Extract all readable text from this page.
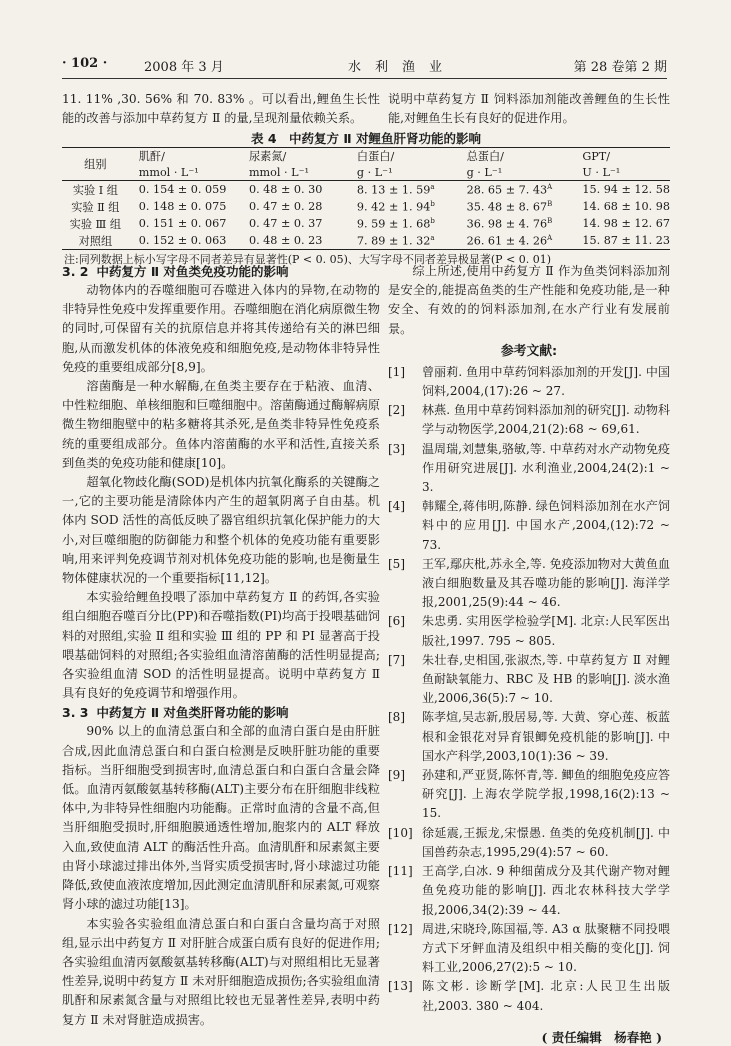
· 102 ·	2008 年 3 月	水利渔业	第 28 卷第 2 期

11. 11% ,30. 56% 和 70. 83% 。可以看出,鲤鱼生长性能的改善与添加中草药复方 Ⅱ 的量,呈现剂量依赖关系。

说明中草药复方 Ⅱ 饲料添加剂能改善鲤鱼的生长性能,对鲤鱼生长有良好的促进作用。

表 4　中药复方 Ⅱ 对鲤鱼肝肾功能的影响
组别	肌酐/	尿素氮/	白蛋白/	总蛋白/	GPT/
	mmol · L⁻¹	mmol · L⁻¹	g · L⁻¹	g · L⁻¹	U · L⁻¹
实验 Ⅰ 组	0. 154 ± 0. 059	0. 48 ± 0. 30	8. 13 ± 1. 59$^a$	28. 65 ± 7. $43^A$	15. 94 ± 12. 58
实验 Ⅱ 组	0. 148 ± 0. 075	0. 47 ± 0. 28	9. 42 ± 1. 94$^b$	35. 48 ± 8. $67^B$	14. 68 ± 10. 98
实验 Ⅲ 组	0. 151 ± 0. 067	0. 47 ± 0. 37	9. 59 ± 1. 68$^b$	36. 98 ± 4. $76^B$	14. 98 ± 12. 67
对照组	0. 152 ± 0. 063	0. 48 ± 0. 23	7. 89 ± 1. 32$^a$	26. 61 ± 4. $26^A$	15. 87 ± 11. 23
注:同列数据上标小写字母不同者差异有显著性(P < 0. 05)、大写字母不同者差异极显著(P < 0. 01)

3. 2 中药复方 Ⅱ 对鱼类免疫功能的影响

动物体内的吞噬细胞可吞噬进入体内的异物,在动物的非特异性免疫中发挥重要作用。吞噬细胞在消化病原微生物的同时,可保留有关的抗原信息并将其传递给有关的淋巴细胞,从而激发机体的体液免疫和细胞免疫,是动物体非特异性免疫的重要组成部分[8,9]。

溶菌酶是一种水解酶,在鱼类主要存在于粘液、血清、中性粒细胞、单核细胞和巨噬细胞中。溶菌酶通过酶解病原微生物细胞壁中的粘多糖将其杀死,是鱼类非特异性免疫系统的重要组成部分。鱼体内溶菌酶的水平和活性,直接关系到鱼类的免疫功能和健康[10]。

超氧化物歧化酶(SOD)是机体内抗氧化酶系的关键酶之一,它的主要功能是清除体内产生的超氧阴离子自由基。机体内 SOD 活性的高低反映了器官组织抗氧化保护能力的大小,对巨噬细胞的防御能力和整个机体的免疫功能有重要影响,用来评判免疫调节剂对机体免疫功能的影响,也是衡量生物体健康状况的一个重要指标[11,12]。

本实验给鲤鱼投喂了添加中草药复方 Ⅱ 的药饵,各实验组白细胞吞噬百分比(PP)和吞噬指数(PI)均高于投喂基础饲料的对照组,实验 Ⅱ 组和实验 Ⅲ 组的 PP 和 PI 显著高于投喂基础饲料的对照组;各实验组血清溶菌酶的活性明显提高;各实验组血清 SOD 的活性明显提高。说明中草药复方 Ⅱ 具有良好的免疫调节和增强作用。

3. 3 中药复方 Ⅱ 对鱼类肝肾功能的影响

90% 以上的血清总蛋白和全部的血清白蛋白是由肝脏合成,因此血清总蛋白和白蛋白检测是反映肝脏功能的重要指标。当肝细胞受到损害时,血清总蛋白和白蛋白含量会降低。血清丙氨酸氨基转移酶(ALT)主要分布在肝细胞非线粒体中,为非特异性细胞内功能酶。正常时血清的含量不高,但当肝细胞受损时,肝细胞膜通透性增加,胞浆内的 ALT 释放入血,致使血清 ALT 的酶活性升高。血清肌酐和尿素氮主要由肾小球滤过排出体外,当肾实质受损害时,肾小球滤过功能降低,致使血液浓度增加,因此测定血清肌酐和尿素氮,可观察肾小球的滤过功能[13]。

本实验各实验组血清总蛋白和白蛋白含量均高于对照组,显示出中药复方 Ⅱ 对肝脏合成蛋白质有良好的促进作用;各实验组血清丙氨酸氨基转移酶(ALT)与对照组相比无显著性差异,说明中药复方 Ⅱ 未对肝细胞造成损伤;各实验组血清肌酐和尿素氮含量与对照组比较也无显著性差异,表明中药复方 Ⅱ 未对肾脏造成损害。

综上所述,使用中药复方 Ⅱ 作为鱼类饲料添加剂是安全的,能提高鱼类的生产性能和免疫功能,是一种安全、有效的的饲料添加剂,在水产行业有发展前景。

参考文献:
[1]	曾丽莉. 鱼用中草药饲料添加剂的开发[J]. 中国饲料,2004,(17):26 ~ 27.
[2]	林燕. 鱼用中草药饲料添加剂的研究[J]. 动物科学与动物医学,2004,21(2):68 ~ 69,61.
[3]	温周瑞,刘慧集,骆敏,等. 中草药对水产动物免疫作用研究进展[J]. 水利渔业,2004,24(2):1 ~ 3.
[4]	韩耀全,蒋伟明,陈静. 绿色饲料添加剂在水产饲料中的应用[J]. 中国水产,2004,(12):72 ~ 73.
[5]	王军,鄢庆枇,苏永全,等. 免疫添加物对大黄鱼血液白细胞数量及其吞噬功能的影响[J]. 海洋学报,2001,25(9):44 ~ 46.
[6]	朱忠勇. 实用医学检验学[M]. 北京:人民军医出版社,1997. 795 ~ 805.
[7]	朱壮春,史相国,张淑杰,等. 中草药复方 Ⅱ 对鲤鱼耐缺氧能力、RBC 及 HB 的影响[J]. 淡水渔业,2006,36(5):7 ~ 10.
[8]	陈孝煊,吴志新,殷居易,等. 大黄、穿心莲、板蓝根和金银花对异育银鲫免疫机能的影响[J]. 中国水产科学,2003,10(1):36 ~ 39.
[9]	孙建和,严亚贤,陈怀青,等. 鲫鱼的细胞免疫应答研究[J]. 上海农学院学报,1998,16(2):13 ~ 15.
[10] 徐延震,王振龙,宋憬愚. 鱼类的免疫机制[J]. 中国兽药杂志,1995,29(4):57 ~ 60.
[11] 王高学,白冰. 9 种细菌成分及其代谢产物对鲤鱼免疫功能的影响[J]. 西北农林科技大学学报,2006,34(2):39 ~ 44.
[12] 周进,宋晓玲,陈国福,等. A3 α 肽聚糖不同投喂方式下牙鲆血清及组织中相关酶的变化[J]. 饲料工业,2006,27(2):5 ~ 10.
[13] 陈文彬. 诊断学[M]. 北京:人民卫生出版社,2003. 380 ~ 404.
( 责任编辑　杨春艳 )
